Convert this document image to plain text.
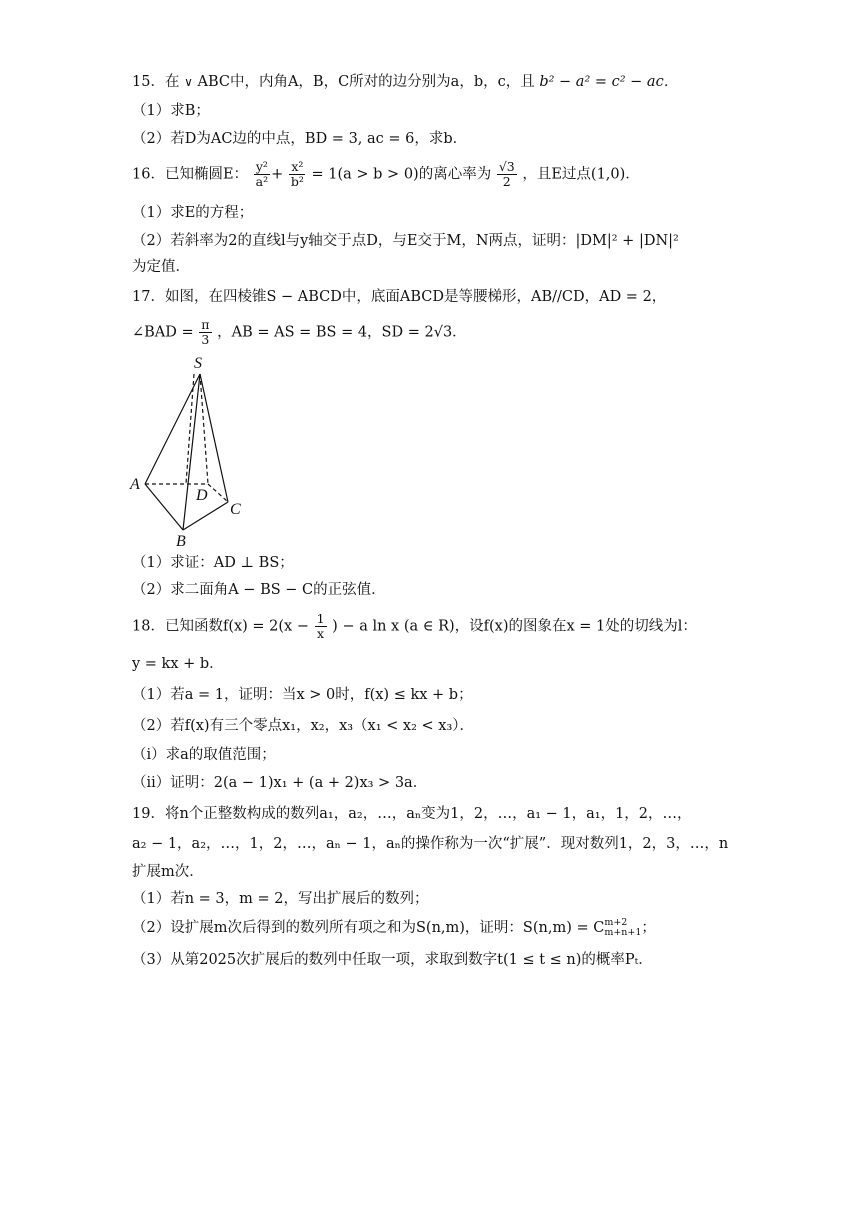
15．在 ∨ ABC中，内角A，B，C所对的边分别为a，b，c，且 b² − a² = c² − ac．
（1）求B；
（2）若D为AC边的中点，BD = 3, ac = 6，求b．
16．已知椭圆E： $\frac{\text{y²}}{\text{a²}} + \frac{\text{x²}}{\text{b²}} = 1(a > b > 0)$的离心率为 $\frac{√3}{2}$ ，且E过点(1,0)．
（1）求E的方程；
（2）若斜率为2的直线l与y轴交于点D，与E交于M，N两点，证明：|DM|² + |DN|²
为定值．
17．如图，在四棱锥S − ABCD中，底面ABCD是等腰梯形，AB//CD，AD = 2，
∠BAD = $\frac{\pi}{3}$ ，AB = AS = BS = 4，SD = 2√3．
S
A
D
C
B
（1）求证：AD ⊥ BS；
（2）求二面角A − BS − C的正弦值．
18．已知函数$f(x) = 2(x - \frac{1}{x}$ ) − a ln x (a ∈ R)，设f(x)的图象在x = 1处的切线为l：
y = kx + b．
（1）若a = 1，证明：当x > 0时，f(x) ≤ kx + b；
（2）若f(x)有三个零点x₁，x₂，x₃（x₁ < x₂ < x₃）．
（i）求a的取值范围；
（ii）证明：2(a − 1)x₁ + (a + 2)x₃ > 3a．
19．将n个正整数构成的数列a₁，a₂，…，aₙ变为1，2，…，a₁ − 1，a₁，1，2，…，
a₂ − 1，a₂，…，1，2，…，aₙ − 1，aₙ的操作称为一次“扩展”．现对数列1，2，3，…，n
扩展m次．
（1）若n = 3，m = 2，写出扩展后的数列；
（2）设扩展m次后得到的数列所有项之和为S(n,m)，证明：S(n,m) = C m+2
m+n+1 ；
（3）从第2025次扩展后的数列中任取一项，求取到数字t(1 ≤ t ≤ n)的概率Pₜ．
